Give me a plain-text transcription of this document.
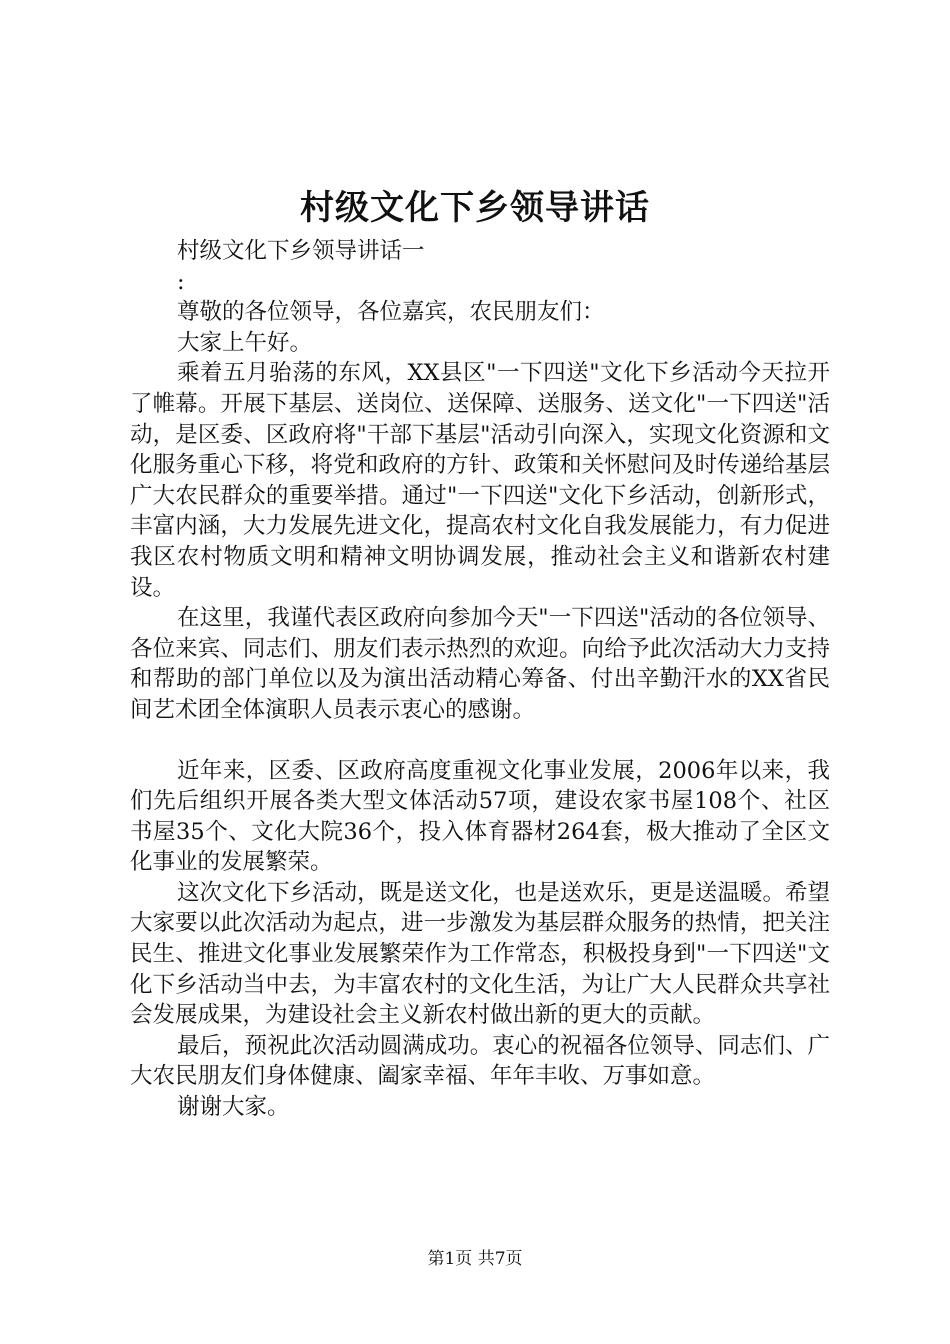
村级文化下乡领导讲话

村级文化下乡领导讲话一

:

尊敬的各位领导，各位嘉宾，农民朋友们：

大家上午好。

乘着五月骀荡的东风，XX县区"一下四送"文化下乡活动今天拉开了帷幕。开展下基层、送岗位、送保障、送服务、送文化"一下四送"活动，是区委、区政府将"干部下基层"活动引向深入，实现文化资源和文化服务重心下移，将党和政府的方针、政策和关怀慰问及时传递给基层广大农民群众的重要举措。通过"一下四送"文化下乡活动，创新形式，丰富内涵，大力发展先进文化，提高农村文化自我发展能力，有力促进我区农村物质文明和精神文明协调发展，推动社会主义和谐新农村建设。

在这里，我谨代表区政府向参加今天"一下四送"活动的各位领导、各位来宾、同志们、朋友们表示热烈的欢迎。向给予此次活动大力支持和帮助的部门单位以及为演出活动精心筹备、付出辛勤汗水的XX省民间艺术团全体演职人员表示衷心的感谢。

近年来，区委、区政府高度重视文化事业发展，2006年以来，我们先后组织开展各类大型文体活动57项，建设农家书屋108个、社区书屋35个、文化大院36个，投入体育器材264套，极大推动了全区文化事业的发展繁荣。

这次文化下乡活动，既是送文化，也是送欢乐，更是送温暖。希望大家要以此次活动为起点，进一步激发为基层群众服务的热情，把关注民生、推进文化事业发展繁荣作为工作常态，积极投身到"一下四送"文化下乡活动当中去，为丰富农村的文化生活，为让广大人民群众共享社会发展成果，为建设社会主义新农村做出新的更大的贡献。

最后，预祝此次活动圆满成功。衷心的祝福各位领导、同志们、广大农民朋友们身体健康、阖家幸福、年年丰收、万事如意。

谢谢大家。

第1页 共7页
